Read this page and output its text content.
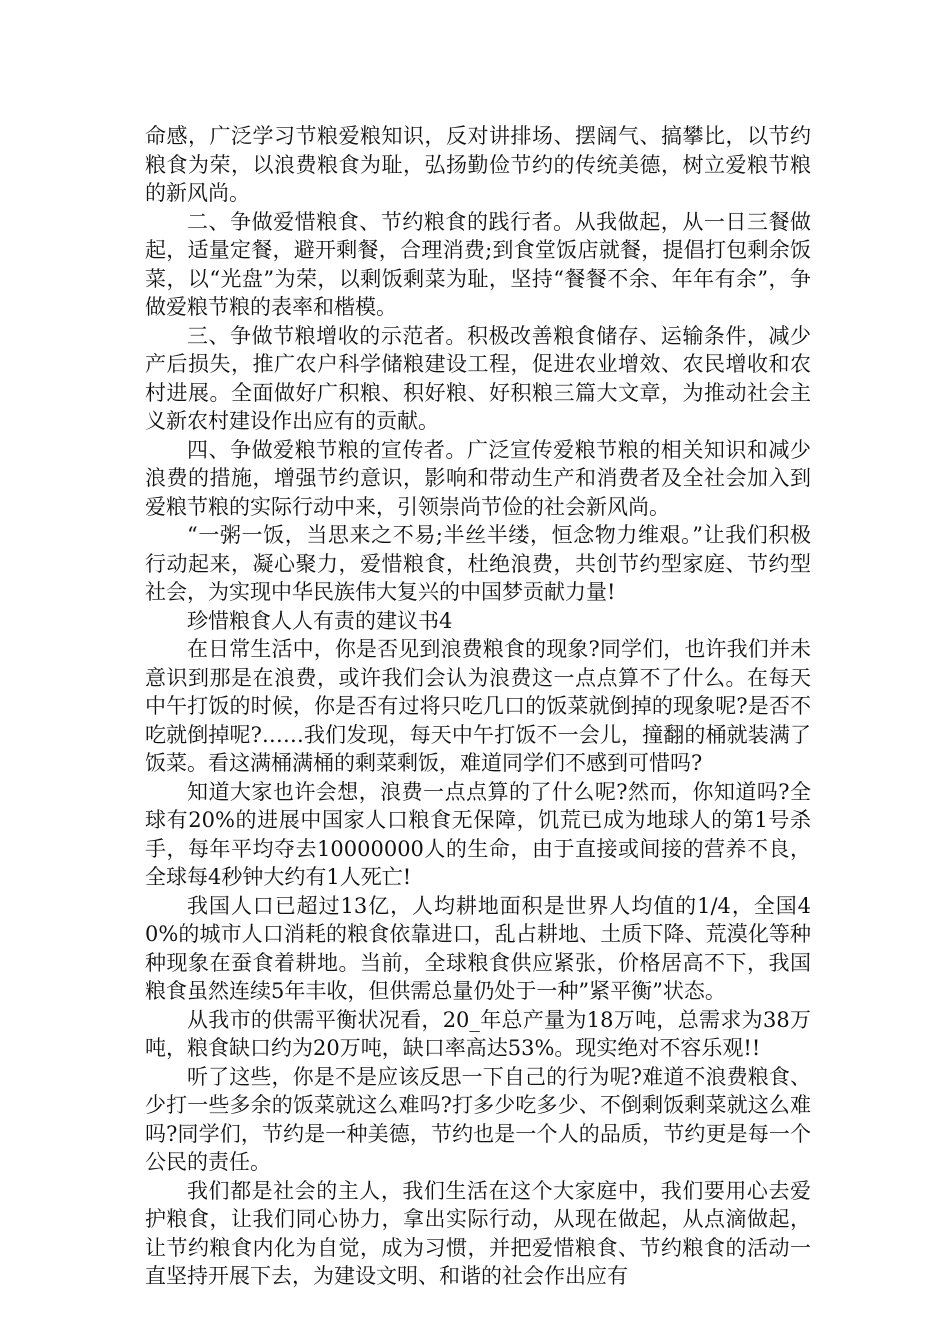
命感，广泛学习节粮爱粮知识，反对讲排场、摆阔气、搞攀比，以节约粮食为荣，以浪费粮食为耻，弘扬勤俭节约的传统美德，树立爱粮节粮的新风尚。

二、争做爱惜粮食、节约粮食的践行者。从我做起，从一日三餐做起，适量定餐，避开剩餐，合理消费;到食堂饭店就餐，提倡打包剩余饭菜，以“光盘”为荣，以剩饭剩菜为耻，坚持“餐餐不余、年年有余”，争做爱粮节粮的表率和楷模。

三、争做节粮增收的示范者。积极改善粮食储存、运输条件，减少产后损失，推广农户科学储粮建设工程，促进农业增效、农民增收和农村进展。全面做好广积粮、积好粮、好积粮三篇大文章，为推动社会主义新农村建设作出应有的贡献。

四、争做爱粮节粮的宣传者。广泛宣传爱粮节粮的相关知识和减少浪费的措施，增强节约意识，影响和带动生产和消费者及全社会加入到爱粮节粮的实际行动中来，引领崇尚节俭的社会新风尚。

“一粥一饭，当思来之不易;半丝半缕，恒念物力维艰。”让我们积极行动起来，凝心聚力，爱惜粮食，杜绝浪费，共创节约型家庭、节约型社会，为实现中华民族伟大复兴的中国梦贡献力量!

珍惜粮食人人有责的建议书4

在日常生活中，你是否见到浪费粮食的现象?同学们，也许我们并未意识到那是在浪费，或许我们会认为浪费这一点点算不了什么。在每天中午打饭的时候，你是否有过将只吃几口的饭菜就倒掉的现象呢?是否不吃就倒掉呢?……我们发现，每天中午打饭不一会儿，撞翻的桶就装满了饭菜。看这满桶满桶的剩菜剩饭，难道同学们不感到可惜吗?

知道大家也许会想，浪费一点点算的了什么呢?然而，你知道吗?全球有20%的进展中国家人口粮食无保障，饥荒已成为地球人的第1号杀手，每年平均夺去10000000人的生命，由于直接或间接的营养不良，全球每4秒钟大约有1人死亡!

我国人口已超过13亿，人均耕地面积是世界人均值的1/4，全国40%的城市人口消耗的粮食依靠进口，乱占耕地、土质下降、荒漠化等种种现象在蚕食着耕地。当前，全球粮食供应紧张，价格居高不下，我国粮食虽然连续5年丰收，但供需总量仍处于一种”紧平衡”状态。

从我市的供需平衡状况看，20_年总产量为18万吨，总需求为38万吨，粮食缺口约为20万吨，缺口率高达53%。现实绝对不容乐观!!

听了这些，你是不是应该反思一下自己的行为呢?难道不浪费粮食、少打一些多余的饭菜就这么难吗?打多少吃多少、不倒剩饭剩菜就这么难吗?同学们，节约是一种美德，节约也是一个人的品质，节约更是每一个公民的责任。

我们都是社会的主人，我们生活在这个大家庭中，我们要用心去爱护粮食，让我们同心协力，拿出实际行动，从现在做起，从点滴做起，让节约粮食内化为自觉，成为习惯，并把爱惜粮食、节约粮食的活动一直坚持开展下去，为建设文明、和谐的社会作出应有
